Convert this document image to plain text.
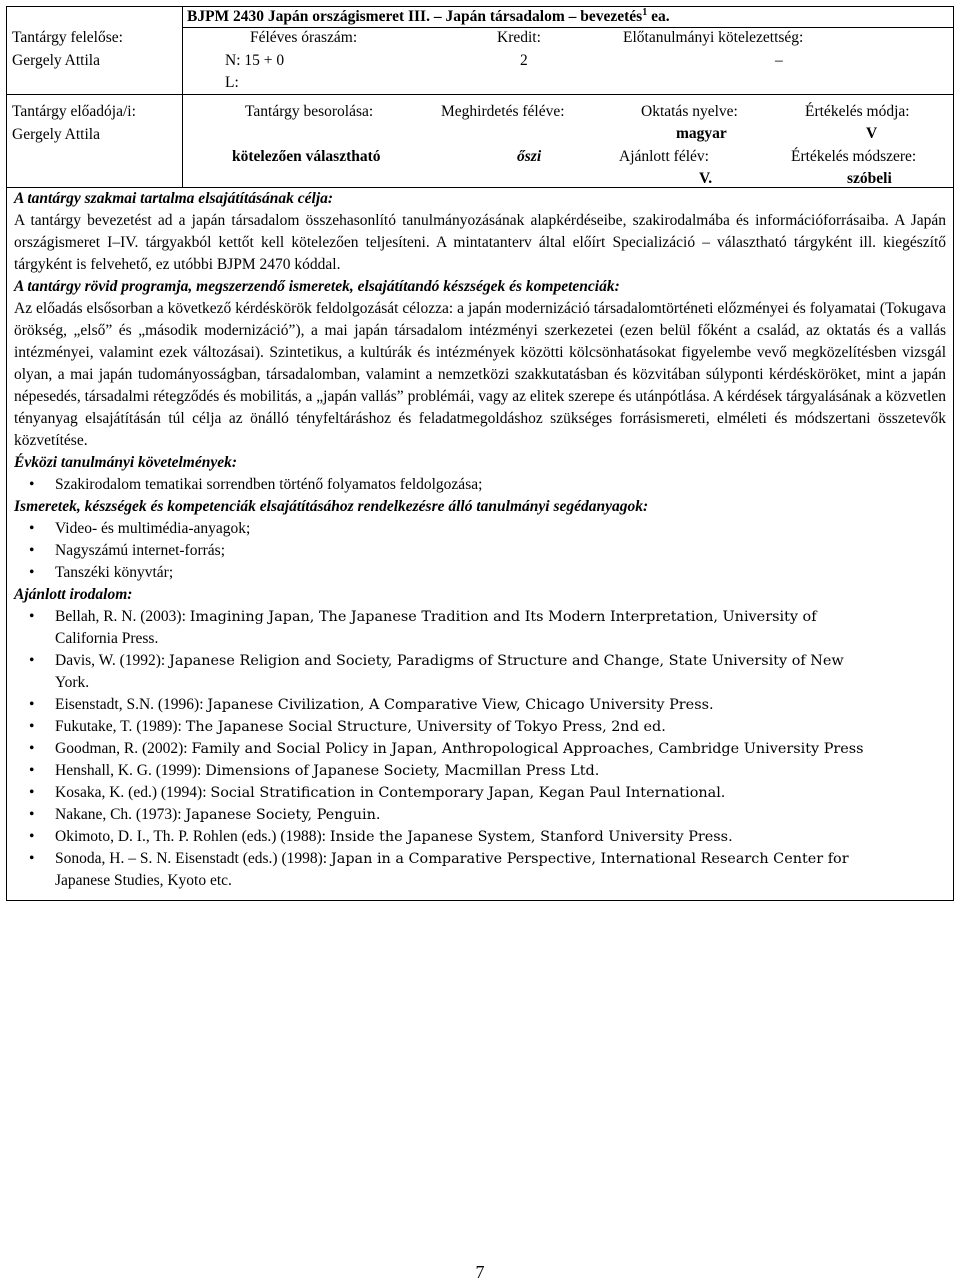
BJPM 2430 Japán országismeret III. – Japán társadalom – bevezetés$^1$ ea.
Tantárgy felelőse:
Gergely Attila
Tantárgy előadója/i:
Gergely Attila
Féléves óraszám:
N: 15 + 0
L:
Kredit:
2
Előtanulmányi kötelezettség:
–
Tantárgy besorolása:
kötelezően választható
Meghirdetés féléve:
őszi
Oktatás nyelve:
magyar
Ajánlott félév:
V.
Értékelés módja:
V
Értékelés módszere:
szóbeli
A tantárgy szakmai tartalma elsajátításának célja:

A tantárgy bevezetést ad a japán társadalom összehasonlító tanulmányozásának alapkérdéseibe, szakirodalmába és információforrásaiba. A Japán országismeret I–IV. tárgyakból kettőt kell kötelezően teljesíteni. A mintatanterv által előírt Specializáció – választható tárgyként ill. kiegészítő tárgyként is felvehető, ez utóbbi BJPM 2470 kóddal.

A tantárgy rövid programja, megszerzendő ismeretek, elsajátítandó készségek és kompetenciák:

Az előadás elsősorban a következő kérdéskörök feldolgozását célozza: a japán modernizáció társadalomtörténeti előzményei és folyamatai (Tokugava örökség, „első” és „második modernizáció”), a mai japán társadalom intézményi szerkezetei (ezen belül főként a család, az oktatás és a vallás intézményei, valamint ezek változásai). Szintetikus, a kultúrák és intézmények közötti kölcsönhatásokat figyelembe vevő megközelítésben vizsgál olyan, a mai japán tudományosságban, társadalomban, valamint a nemzetközi szakkutatásban és közvitában súlyponti kérdésköröket, mint a japán népesedés, társadalmi rétegződés és mobilitás, a „japán vallás” problémái, vagy az elitek szerepe és utánpótlása. A kérdések tárgyalásának a közvetlen tényanyag elsajátításán túl célja az önálló tényfeltáráshoz és feladatmegoldáshoz szükséges forrásismereti, elméleti és módszertani összetevők közvetítése.

Évközi tanulmányi követelmények:
• Szakirodalom tematikai sorrendben történő folyamatos feldolgozása;
Ismeretek, készségek és kompetenciák elsajátításához rendelkezésre álló tanulmányi segédanyagok:
• Video- és multimédia-anyagok;
• Nagyszámú internet-forrás;
• Tanszéki könyvtár;
Ajánlott irodalom:
• Bellah, R. N. (2003): Imagining Japan, The Japanese Tradition and Its Modern Interpretation, University of
California Press.
• Davis, W. (1992): Japanese Religion and Society, Paradigms of Structure and Change, State University of New
York.
• Eisenstadt, S.N. (1996): Japanese Civilization, A Comparative View, Chicago University Press.
• Fukutake, T. (1989): The Japanese Social Structure, University of Tokyo Press, 2nd ed.
• Goodman, R. (2002): Family and Social Policy in Japan, Anthropological Approaches, Cambridge University Press
• Henshall, K. G. (1999): Dimensions of Japanese Society, Macmillan Press Ltd.
• Kosaka, K. (ed.) (1994): Social Stratification in Contemporary Japan, Kegan Paul International.
• Nakane, Ch. (1973): Japanese Society, Penguin.
• Okimoto, D. I., Th. P. Rohlen (eds.) (1988): Inside the Japanese System, Stanford University Press.
• Sonoda, H. – S. N. Eisenstadt (eds.) (1998): Japan in a Comparative Perspective, International Research Center for
Japanese Studies, Kyoto etc.
7
